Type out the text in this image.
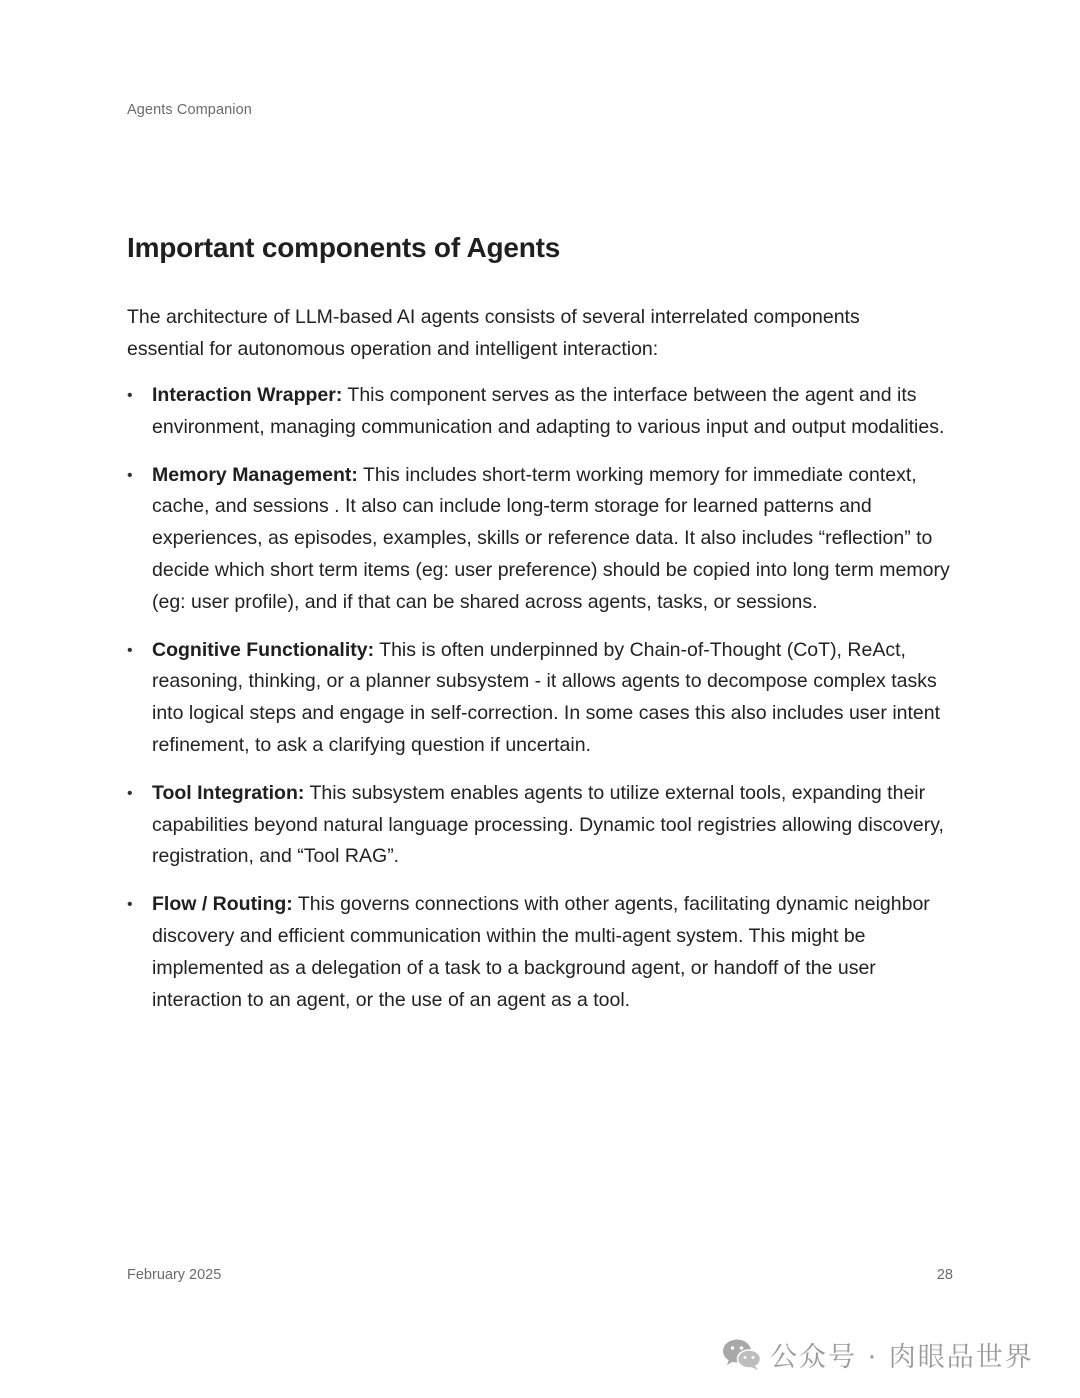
Agents Companion
Important components of Agents

The architecture of LLM-based AI agents consists of several interrelated components essential for autonomous operation and intelligent interaction:

• Interaction Wrapper: This component serves as the interface between the agent and its environment, managing communication and adapting to various input and output modalities.
• Memory Management: This includes short-term working memory for immediate context, cache, and sessions . It also can include long-term storage for learned patterns and experiences, as episodes, examples, skills or reference data. It also includes “reflection” to decide which short term items (eg: user preference) should be copied into long term memory (eg: user profile), and if that can be shared across agents, tasks, or sessions.
• Cognitive Functionality: This is often underpinned by Chain-of-Thought (CoT), ReAct, reasoning, thinking, or a planner subsystem - it allows agents to decompose complex tasks into logical steps and engage in self-correction. In some cases this also includes user intent refinement, to ask a clarifying question if uncertain.
• Tool Integration: This subsystem enables agents to utilize external tools, expanding their capabilities beyond natural language processing. Dynamic tool registries allowing discovery, registration, and “Tool RAG”.
• Flow / Routing: This governs connections with other agents, facilitating dynamic neighbor discovery and efficient communication within the multi-agent system. This might be implemented as a delegation of a task to a background agent, or handoff of the user interaction to an agent, or the use of an agent as a tool.
February 2025	28
公众号 · 肉眼品世界
